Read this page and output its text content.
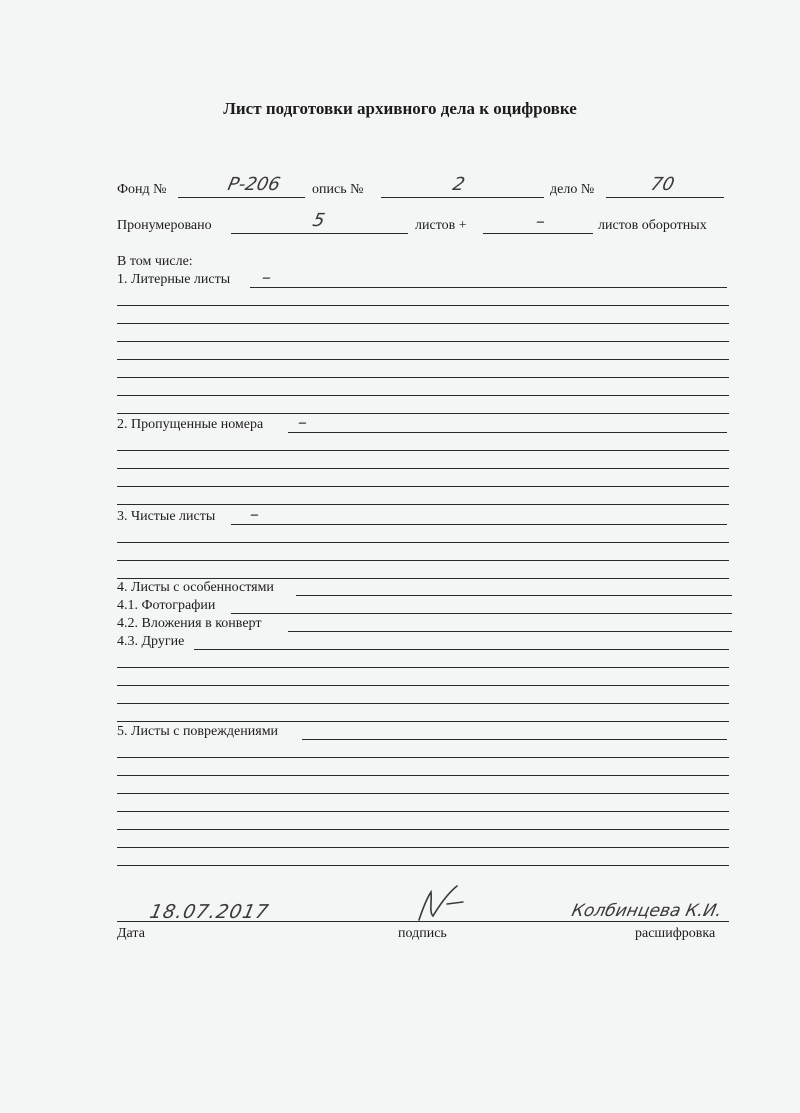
Лист подготовки архивного дела к оцифровке
Фонд №	Р-206 опись №	2	дело №	70
Пронумеровано	5	листов +	–	листов оборотных
В том числе:
1. Литерные листы –
2. Пропущенные номера –
3. Чистые листы –
4. Листы с особенностями
4.1. Фотографии
4.2. Вложения в конверт
4.3. Другие
5. Листы с повреждениями
18.07.2017	Колбинцева К.И.
Дата	подпись	расшифровка
